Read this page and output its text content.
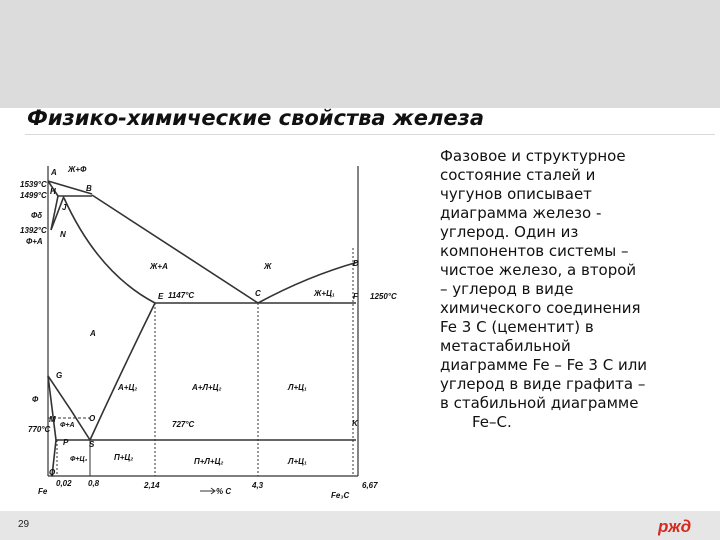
Физико-химические свойства железа
1539°C
1499°C
1392°C
1147°C	1250°C
770°C
727°C
A
H	B
J
N
D
E	C	F
G
M	O
P	S
K
Q
Ж+Ф
Фδ
Ф+А
Ж+А	Ж
Ж+Ц₁
А
Ф
А+Ц₂	А+Л+Ц₂	Л+Ц₁
Ф+А
Ф+Ц₃	П+Ц₂	П+Л+Ц₂	Л+Ц₁
Fe
0,02 0,8	2,14	4,3	6,67
% C	Fe₃C

Фазовое и структурное

состояние сталей и

чугунов описывает

диаграмма железо -

углерод. Один из

компонентов системы –

чистое железо, а второй

– углерод в виде

химического соединения

Fe 3 C (цементит) в

метастабильной

диаграмме Fe – Fe 3 C или

углерод в виде графита –

в стабильной диаграмме

Fe–C.

29	ржд
